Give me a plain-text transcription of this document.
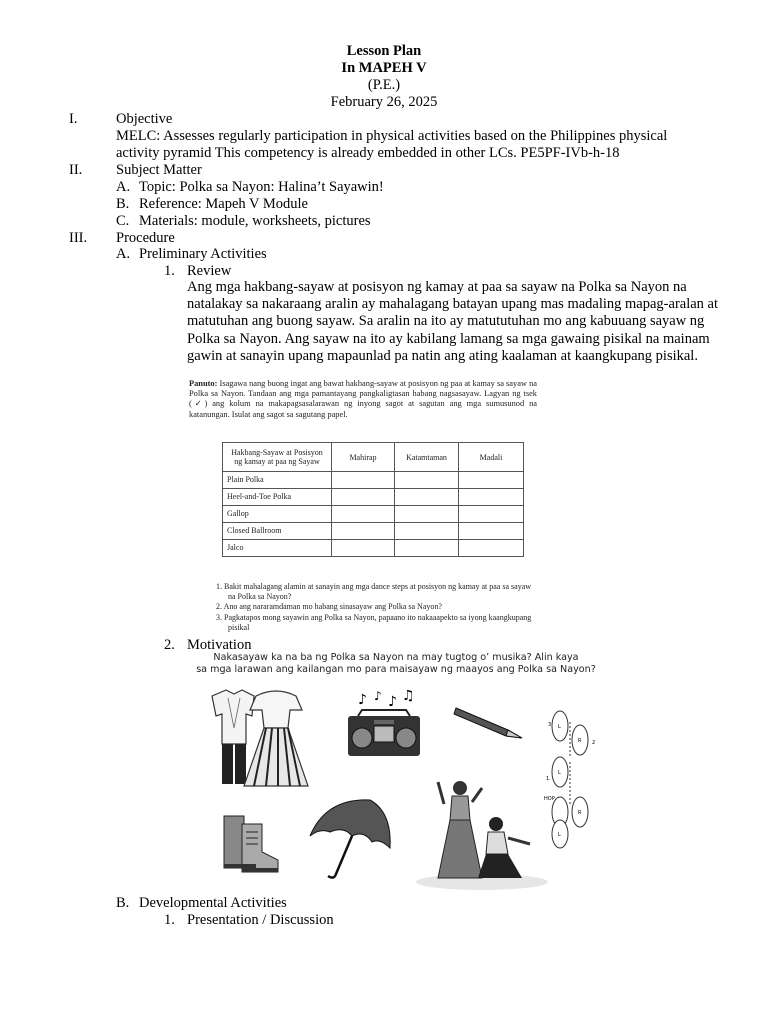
Lesson Plan
In MAPEH V
(P.E.)
February 26, 2025
I.	Objective
MELC: Assesses regularly participation in physical activities based on the Philippines physical
activity pyramid This competency is already embedded in other LCs. PE5PF-IVb-h-18
II. Subject Matter
A. Topic: Polka sa Nayon: Halina’t Sayawin!
B. Reference: Mapeh V Module
C. Materials: module, worksheets, pictures
III. Procedure
A. Preliminary Activities
1. Review
Ang mga hakbang-sayaw at posisyon ng kamay at paa sa sayaw na Polka sa Nayon na natalakay sa nakaraang aralin ay mahalagang batayan upang mas madaling mapag-aralan at matutuhan ang buong sayaw. Sa aralin na ito ay matututuhan mo ang kabuuang sayaw ng Polka sa Nayon. Ang sayaw na ito ay kabilang lamang sa mga gawaing pisikal na mainam gawin at sanayin upang mapaunlad pa natin ang ating kaalaman at kaangkupang pisikal.
Panuto: Isagawa nang buong ingat ang bawat hakbang-sayaw at posisyon ng paa at kamay sa sayaw na Polka sa Nayon. Tandaan ang mga pamantayang pangkaligtasan habang nagsasayaw. Lagyan ng tsek (✓) ang kolum na makapagsasalarawan ng inyong sagot at sagutan ang mga sumusunod na katanungan. Isulat ang sagot sa sagutang papel.
Hakbang-Sayaw at Posisyon ng kamay at paa ng Sayaw	Mahirap	Katamtaman	Madali
Plain Polka			
Heel-and-Toe Polka			
Gallop			
Closed Ballroom			
Jalco			
1. Bakit mahalagang alamin at sanayin ang mga dance steps at posisyon ng kamay at paa sa sayaw na Polka sa Nayon?
2. Ano ang nararamdaman mo habang sinasayaw ang Polka sa Nayon?
3. Pagkatapos mong sayawin ang Polka sa Nayon, papaano ito nakaaapekto sa iyong kaangkupang pisikal
2. Motivation
Nakasayaw ka na ba ng Polka sa Nayon na may tugtog o’ musika? Alin kaya
sa mga larawan ang kailangan mo para maisayaw ng maayos ang Polka sa Nayon?
♪ ♪ ♪ ♫
3 L
R 2
1.
L
HOP
L
R
B. Developmental Activities
1. Presentation / Discussion
